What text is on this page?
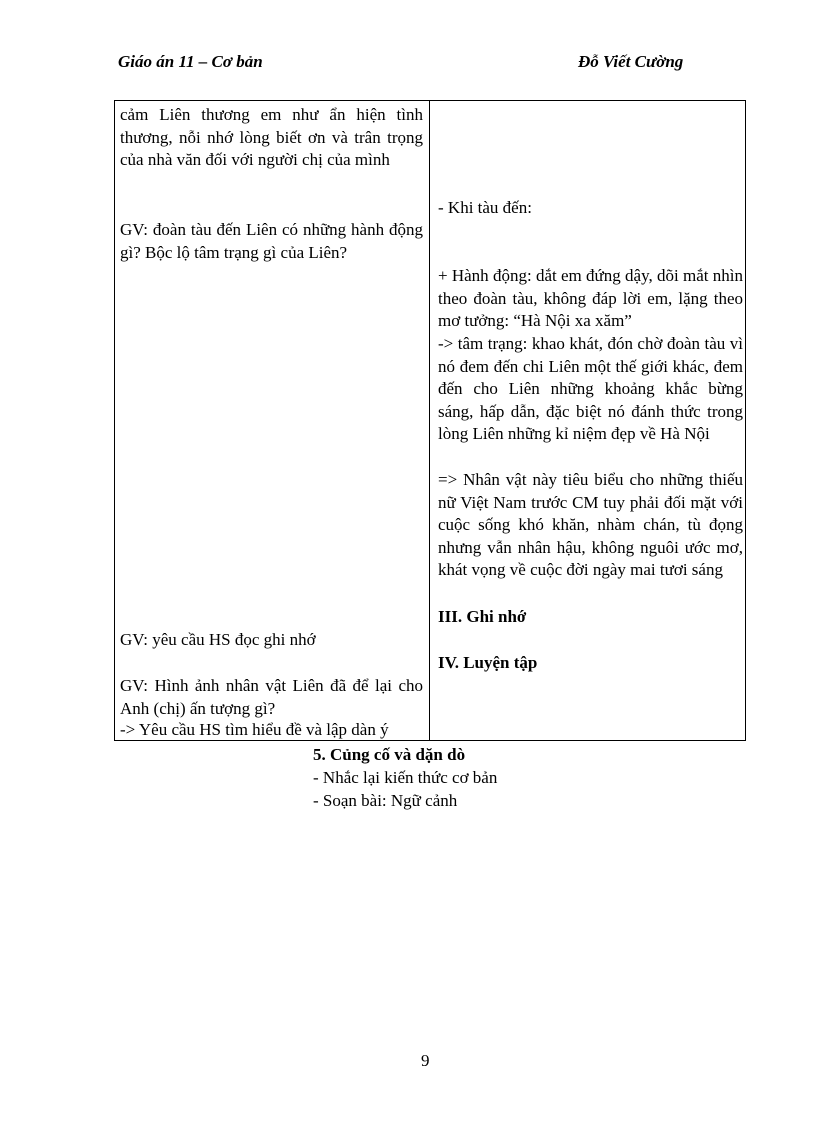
Giáo án 11 – Cơ bản	Đỗ Viết Cường
cảm Liên thương em như ẩn hiện tình thương, nỗi nhớ lòng biết ơn và trân trọng của nhà văn đối với người chị của mình
GV: đoàn tàu đến Liên có những hành động gì? Bộc lộ tâm trạng gì của Liên?
GV: yêu cầu HS đọc ghi nhớ
GV: Hình ảnh nhân vật Liên đã để lại cho Anh (chị) ấn tượng gì?
-> Yêu cầu HS tìm hiểu đề và lập dàn ý
- Khi tàu đến:
+ Hành động: dắt em đứng dậy, dõi mắt nhìn theo đoàn tàu, không đáp lời em, lặng theo mơ tưởng: “Hà Nội xa xăm”
-> tâm trạng: khao khát, đón chờ đoàn tàu vì nó đem đến chi Liên một thế giới khác, đem đến cho Liên những khoảng khắc bừng sáng, hấp dẫn, đặc biệt nó đánh thức trong lòng Liên những kỉ niệm đẹp về Hà Nội
=> Nhân vật này tiêu biểu cho những thiếu nữ Việt Nam trước CM tuy phải đối mặt với cuộc sống khó khăn, nhàm chán, tù đọng nhưng vẫn nhân hậu, không nguôi ước mơ, khát vọng về cuộc đời ngày mai tươi sáng
III. Ghi nhớ
IV. Luyện tập
5. Củng cố và dặn dò
- Nhắc lại kiến thức cơ bản
- Soạn bài: Ngữ cảnh
9
